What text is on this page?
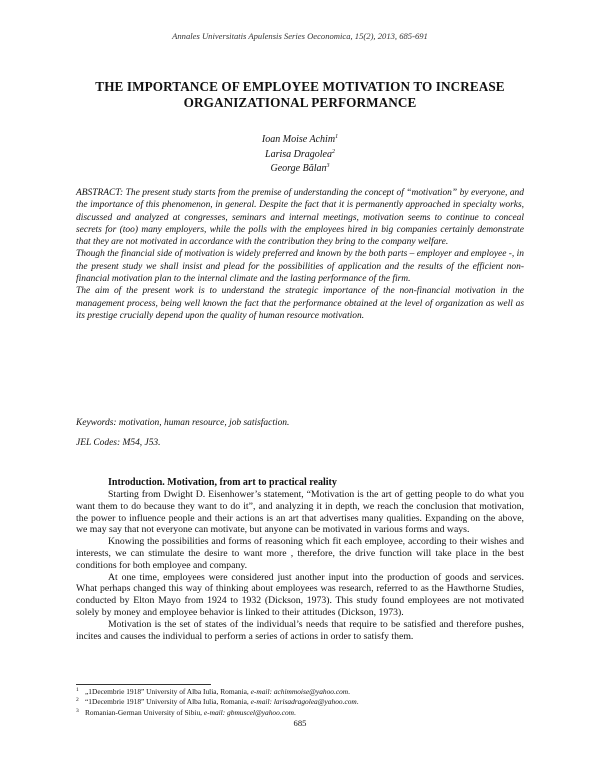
Annales Universitatis Apulensis Series Oeconomica, 15(2), 2013, 685-691
THE IMPORTANCE OF EMPLOYEE MOTIVATION TO INCREASE
ORGANIZATIONAL PERFORMANCE
Ioan Moise Achim$^1$
Larisa Dragolea$^2$
George Bălan$^3$

ABSTRACT: The present study starts from the premise of understanding the concept of “motivation” by everyone, and the importance of this phenomenon, in general. Despite the fact that it is permanently approached in specialty works, discussed and analyzed at congresses, seminars and internal meetings, motivation seems to continue to conceal secrets for (too) many employers, while the polls with the employees hired in big companies certainly demonstrate that they are not motivated in accordance with the contribution they bring to the company welfare.

Though the financial side of motivation is widely preferred and known by the both parts – employer and employee -, in the present study we shall insist and plead for the possibilities of application and the results of the efficient non-financial motivation plan to the internal climate and the lasting performance of the firm.

The aim of the present work is to understand the strategic importance of the non-financial motivation in the management process, being well known the fact that the performance obtained at the level of organization as well as its prestige crucially depend upon the quality of human resource motivation.

Keywords: motivation, human resource, job satisfaction.
JEL Codes: M54, J53.
Introduction. Motivation, from art to practical reality

Starting from Dwight D. Eisenhower’s statement, “Motivation is the art of getting people to do what you want them to do because they want to do it”, and analyzing it in depth, we reach the conclusion that motivation, the power to influence people and their actions is an art that advertises many qualities. Expanding on the above, we may say that not everyone can motivate, but anyone can be motivated in various forms and ways.

Knowing the possibilities and forms of reasoning which fit each employee, according to their wishes and interests, we can stimulate the desire to want more , therefore, the drive function will take place in the best conditions for both employee and company.

At one time, employees were considered just another input into the production of goods and services. What perhaps changed this way of thinking about employees was research, referred to as the Hawthorne Studies, conducted by Elton Mayo from 1924 to 1932 (Dickson, 1973). This study found employees are not motivated solely by money and employee behavior is linked to their attitudes (Dickson, 1973).

Motivation is the set of states of the individual’s needs that require to be satisfied and therefore pushes, incites and causes the individual to perform a series of actions in order to satisfy them.

1 „1Decembrie 1918” University of Alba Iulia, Romania, e-mail: achimmoise@yahoo.com.
2 “1Decembrie 1918” University of Alba Iulia, Romania, e-mail: larisadragolea@yahoo.com.
3 Romanian-German University of Sibiu, e-mail: gbmuscel@yahoo.com.
685
